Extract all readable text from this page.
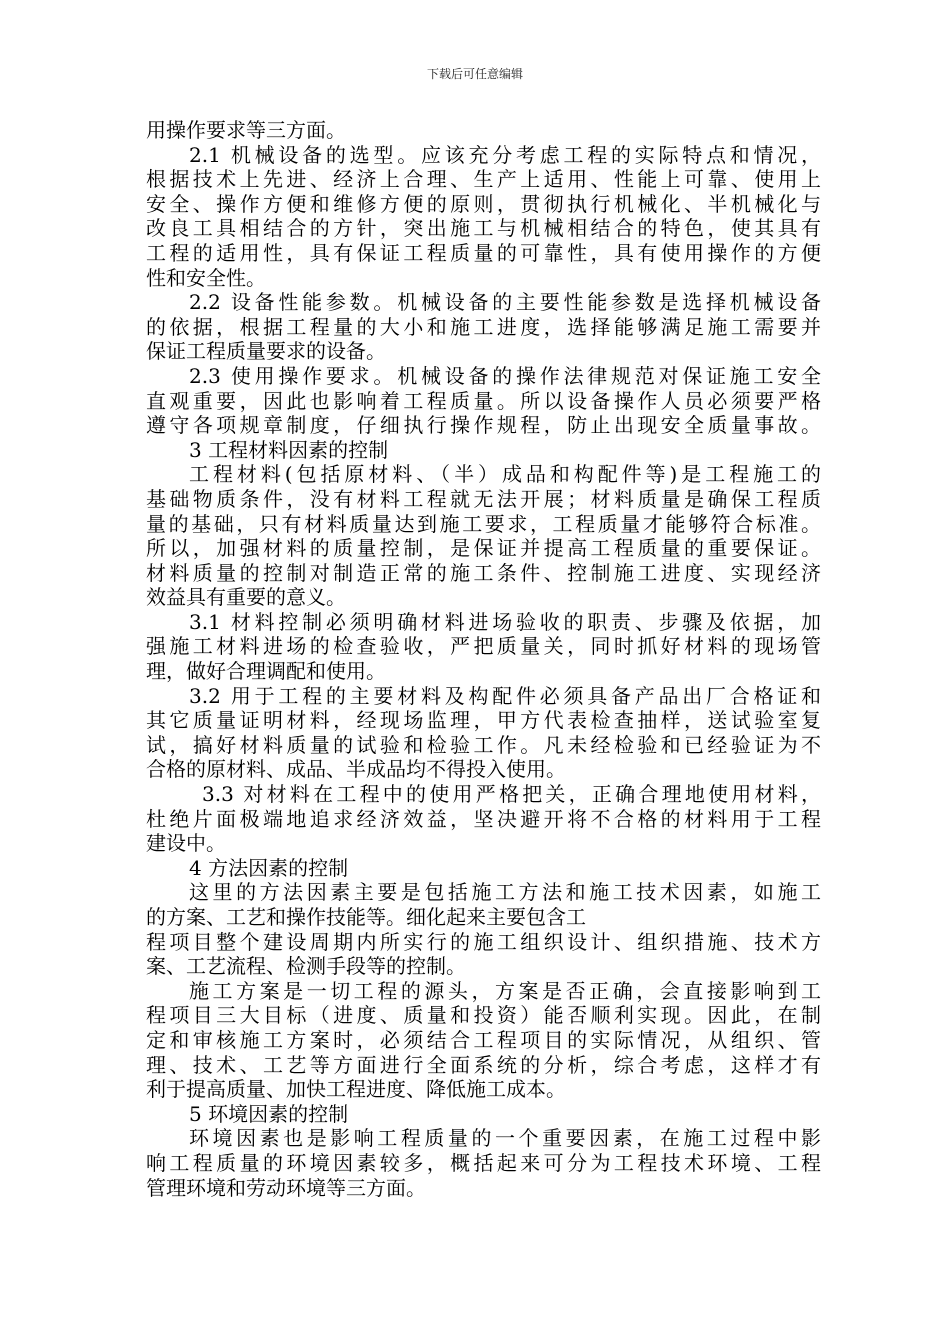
下载后可任意编辑
用操作要求等三方面。
2.1 机械设备的选型。应该充分考虑工程的实际特点和情况，
根据技术上先进、经济上合理、生产上适用、性能上可靠、使用上
安全、操作方便和维修方便的原则，贯彻执行机械化、半机械化与
改良工具相结合的方针，突出施工与机械相结合的特色，使其具有
工程的适用性，具有保证工程质量的可靠性，具有使用操作的方便
性和安全性。
2.2 设备性能参数。机械设备的主要性能参数是选择机械设备
的依据，根据工程量的大小和施工进度，选择能够满足施工需要并
保证工程质量要求的设备。
2.3 使用操作要求。机械设备的操作法律规范对保证施工安全
直观重要，因此也影响着工程质量。所以设备操作人员必须要严格
遵守各项规章制度，仔细执行操作规程，防止出现安全质量事故。
3 工程材料因素的控制
工程材料(包括原材料、（半）成品和构配件等)是工程施工的
基础物质条件，没有材料工程就无法开展；材料质量是确保工程质
量的基础，只有材料质量达到施工要求，工程质量才能够符合标准。
所以，加强材料的质量控制，是保证并提高工程质量的重要保证。
材料质量的控制对制造正常的施工条件、控制施工进度、实现经济
效益具有重要的意义。
3.1 材料控制必须明确材料进场验收的职责、步骤及依据，加
强施工材料进场的检查验收，严把质量关，同时抓好材料的现场管
理，做好合理调配和使用。
3.2 用于工程的主要材料及构配件必须具备产品出厂合格证和
其它质量证明材料，经现场监理，甲方代表检查抽样，送试验室复
试，搞好材料质量的试验和检验工作。凡未经检验和已经验证为不
合格的原材料、成品、半成品均不得投入使用。
3.3 对材料在工程中的使用严格把关，正确合理地使用材料，
杜绝片面极端地追求经济效益，坚决避开将不合格的材料用于工程
建设中。
4 方法因素的控制
这里的方法因素主要是包括施工方法和施工技术因素，如施工
的方案、工艺和操作技能等。细化起来主要包含工
程项目整个建设周期内所实行的施工组织设计、组织措施、技术方
案、工艺流程、检测手段等的控制。
施工方案是一切工程的源头，方案是否正确，会直接影响到工
程项目三大目标（进度、质量和投资）能否顺利实现。因此，在制
定和审核施工方案时，必须结合工程项目的实际情况，从组织、管
理、技术、工艺等方面进行全面系统的分析，综合考虑，这样才有
利于提高质量、加快工程进度、降低施工成本。
5 环境因素的控制
环境因素也是影响工程质量的一个重要因素，在施工过程中影
响工程质量的环境因素较多，概括起来可分为工程技术环境、工程
管理环境和劳动环境等三方面。
